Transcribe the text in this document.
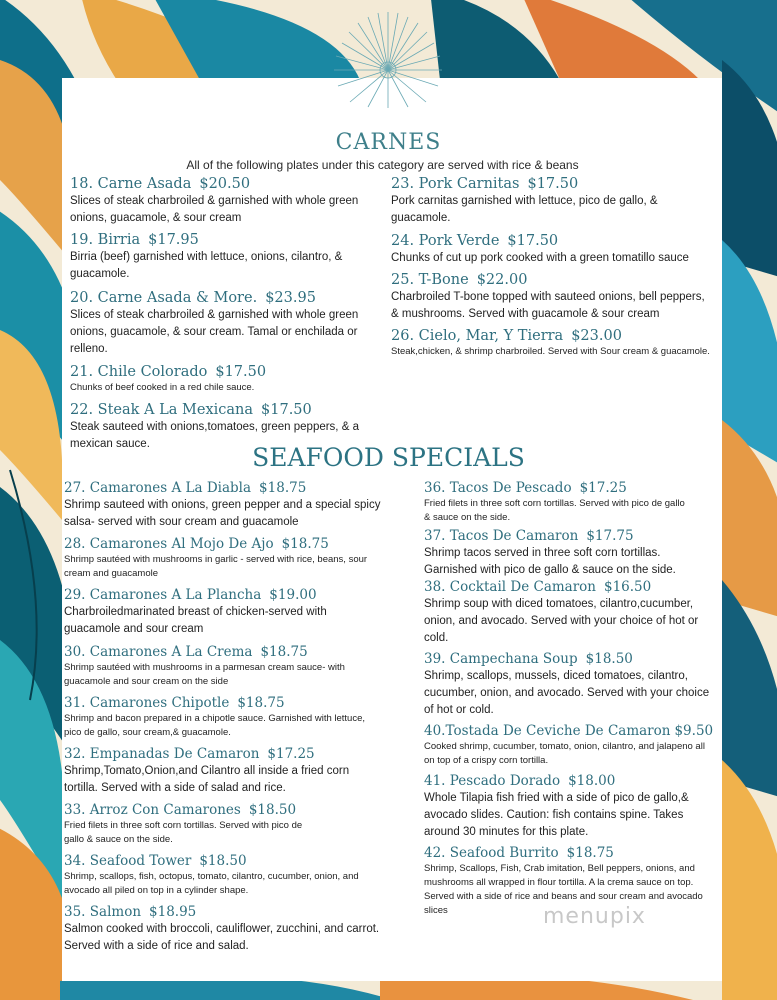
CARNES
All of the following plates under this category are served with rice & beans
18. Carne Asada $20.50
Slices of steak charbroiled & garnished with whole green onions, guacamole, & sour cream
19. Birria $17.95
Birria (beef) garnished with lettuce, onions, cilantro, & guacamole.
20. Carne Asada & More. $23.95
Slices of steak charbroiled & garnished with whole green onions, guacamole, & sour cream. Tamal or enchilada or relleno.
21. Chile Colorado $17.50
Chunks of beef cooked in a red chile sauce.
22. Steak A La Mexicana $17.50
Steak sauteed with onions,tomatoes, green peppers, & a mexican sauce.
23. Pork Carnitas $17.50
Pork carnitas garnished with lettuce, pico de gallo, & guacamole.
24. Pork Verde $17.50
Chunks of cut up pork cooked with a green tomatillo sauce
25. T-Bone $22.00
Charbroiled T-bone topped with sauteed onions, bell peppers, & mushrooms. Served with guacamole & sour cream
26. Cielo, Mar, Y Tierra $23.00
Steak,chicken, & shrimp charbroiled. Served with Sour cream & guacamole.
SEAFOOD SPECIALS
27. Camarones A La Diabla $18.75
Shrimp sauteed with onions, green pepper and a special spicy salsa- served with sour cream and guacamole
28. Camarones Al Mojo De Ajo $18.75
Shrimp sautéed with mushrooms in garlic - served with rice, beans, sour cream and guacamole
29. Camarones A La Plancha $19.00
Charbroiledmarinated breast of chicken-served with guacamole and sour cream
30. Camarones A La Crema $18.75
Shrimp sautéed with mushrooms in a parmesan cream sauce- with guacamole and sour cream on the side
31. Camarones Chipotle $18.75
Shrimp and bacon prepared in a chipotle sauce. Garnished with lettuce, pico de gallo, sour cream,& guacamole.
32. Empanadas De Camaron $17.25
Shrimp,Tomato,Onion,and Cilantro all inside a fried corn tortilla. Served with a side of salad and rice.
33. Arroz Con Camarones $18.50
Fried filets in three soft corn tortillas. Served with pico de gallo & sauce on the side.
34. Seafood Tower $18.50
Shrimp, scallops, fish, octopus, tomato, cilantro, cucumber, onion, and avocado all piled on top in a cylinder shape.
35. Salmon $18.95
Salmon cooked with broccoli, cauliflower, zucchini, and carrot. Served with a side of rice and salad.
36. Tacos De Pescado $17.25
Fried filets in three soft corn tortillas. Served with pico de gallo & sauce on the side.
37. Tacos De Camaron $17.75
Shrimp tacos served in three soft corn tortillas. Garnished with pico de gallo & sauce on the side.
38. Cocktail De Camaron $16.50
Shrimp soup with diced tomatoes, cilantro,cucumber, onion, and avocado. Served with your choice of hot or cold.
39. Campechana Soup $18.50
Shrimp, scallops, mussels, diced tomatoes, cilantro, cucumber, onion, and avocado. Served with your choice of hot or cold.
40.Tostada De Ceviche De Camaron $9.50
Cooked shrimp, cucumber, tomato, onion, cilantro, and jalapeno all on top of a crispy corn tortilla.
41. Pescado Dorado $18.00
Whole Tilapia fish fried with a side of pico de gallo,& avocado slides. Caution: fish contains spine. Takes around 30 minutes for this plate.
42. Seafood Burrito $18.75
Shrimp, Scallops, Fish, Crab imitation, Bell peppers, onions, and mushrooms all wrapped in flour tortilla. A la crema sauce on top. Served with a side of rice and beans and sour cream and avocado slices	menupix
